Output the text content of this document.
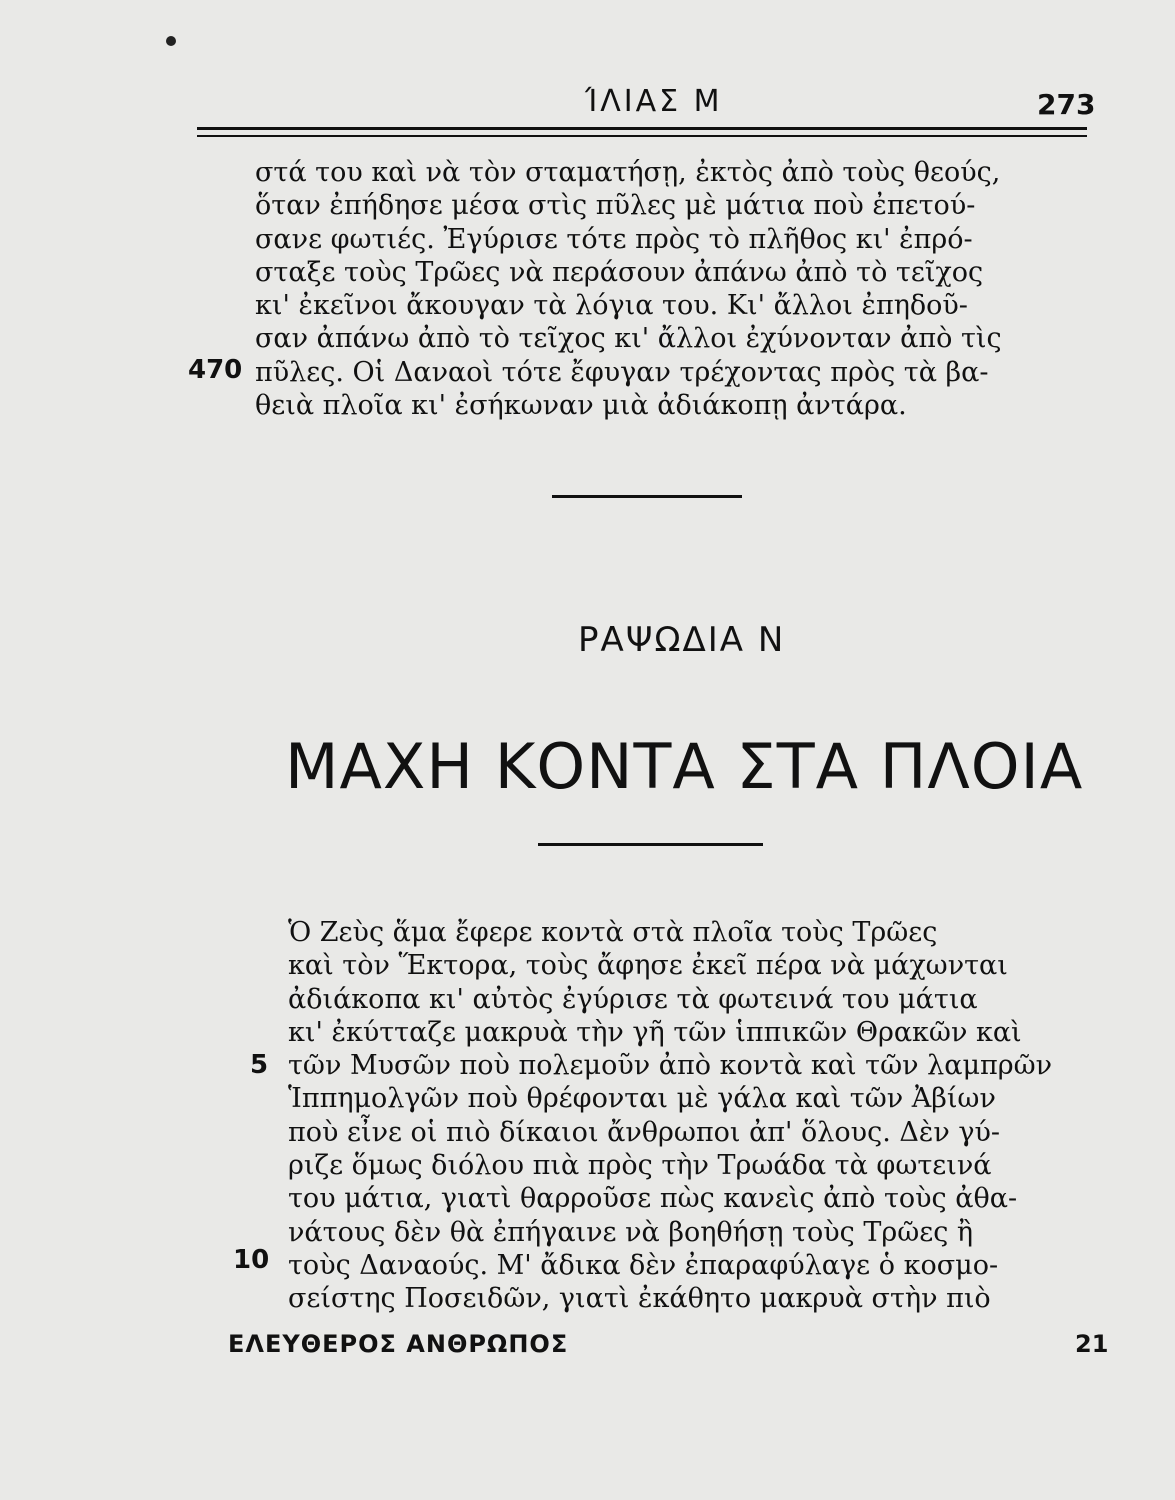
ΊΛΙΑΣ Μ	273
470
στά του καὶ νὰ τὸν σταματήσῃ, ἐκτὸς ἀπὸ τοὺς θεούς,
ὅταν ἐπήδησε μέσα στὶς πῦλες μὲ μάτια ποὺ ἐπετού-
σανε φωτιές. Ἐγύρισε τότε πρὸς τὸ πλῆθος κι' ἐπρό-
σταξε τοὺς Τρῶες νὰ περάσουν ἀπάνω ἀπὸ τὸ τεῖχος
κι' ἐκεῖνοι ἄκουγαν τὰ λόγια του. Κι' ἄλλοι ἐπηδοῦ-
σαν ἀπάνω ἀπὸ τὸ τεῖχος κι' ἄλλοι ἐχύνονταν ἀπὸ τὶς
πῦλες. Οἱ Δαναοὶ τότε ἔφυγαν τρέχοντας πρὸς τὰ βα-
θειὰ πλοῖα κι' ἐσήκωναν μιὰ ἀδιάκοπῃ ἀντάρα.
ΡΑΨΩΔΙΑ Ν
ΜΑΧΗ ΚΟΝΤΑ ΣΤΑ ΠΛΟΙΑ
5
10
Ὁ Ζεὺς ἅμα ἔφερε κοντὰ στὰ πλοῖα τοὺς Τρῶες
καὶ τὸν Ἕκτορα, τοὺς ἄφησε ἐκεῖ πέρα νὰ μάχωνται
ἀδιάκοπα κι' αὐτὸς ἐγύρισε τὰ φωτεινά του μάτια
κι' ἐκύτταζε μακρυὰ τὴν γῆ τῶν ἱππικῶν Θρακῶν καὶ
τῶν Μυσῶν ποὺ πολεμοῦν ἀπὸ κοντὰ καὶ τῶν λαμπρῶν
Ἱππημολγῶν ποὺ θρέφονται μὲ γάλα καὶ τῶν Ἀβίων
ποὺ εἶνε οἱ πιὸ δίκαιοι ἄνθρωποι ἀπ' ὅλους. Δὲν γύ-
ριζε ὅμως διόλου πιὰ πρὸς τὴν Τρωάδα τὰ φωτεινά
του μάτια, γιατὶ θαρροῦσε πὼς κανεὶς ἀπὸ τοὺς ἀθα-
νάτους δὲν θὰ ἐπήγαινε νὰ βοηθήσῃ τοὺς Τρῶες ἢ
τοὺς Δαναούς. Μ' ἄδικα δὲν ἐπαραφύλαγε ὁ κοσμο-
σείστης Ποσειδῶν, γιατὶ ἐκάθητο μακρυὰ στὴν πιὸ
ΕΛΕΥΘΕΡΟΣ ΑΝΘΡΩΠΟΣ	21
